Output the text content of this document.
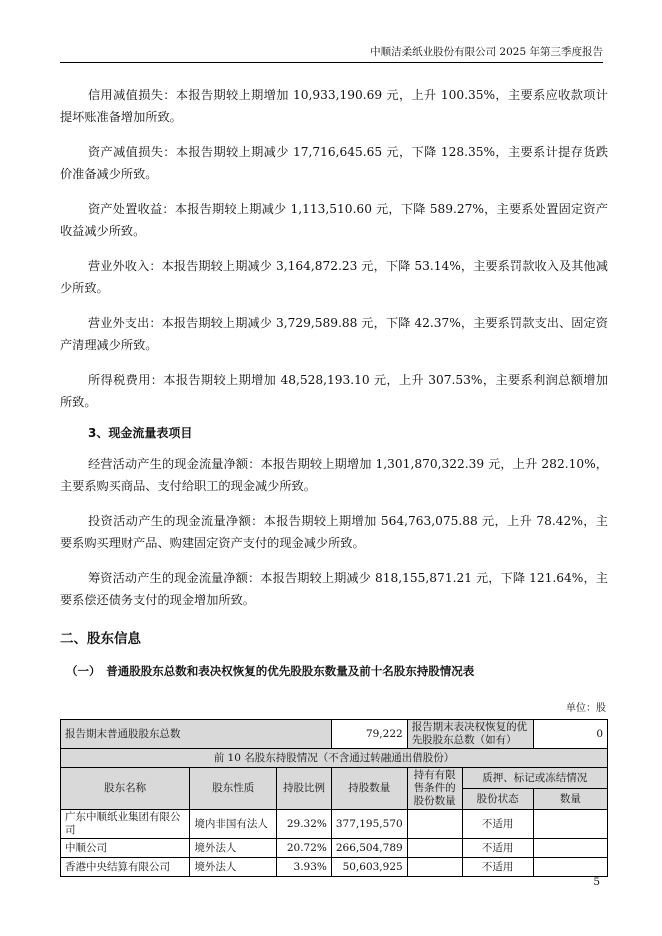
中顺洁柔纸业股份有限公司 2025 年第三季度报告

信用减值损失：本报告期较上期增加 10,933,190.69 元，上升 100.35%，主要系应收款项计提坏账准备增加所致。

资产减值损失：本报告期较上期减少 17,716,645.65 元，下降 128.35%，主要系计提存货跌价准备减少所致。

资产处置收益：本报告期较上期减少 1,113,510.60 元，下降 589.27%，主要系处置固定资产收益减少所致。

营业外收入：本报告期较上期减少 3,164,872.23 元，下降 53.14%，主要系罚款收入及其他减少所致。

营业外支出：本报告期较上期减少 3,729,589.88 元，下降 42.37%，主要系罚款支出、固定资产清理减少所致。

所得税费用：本报告期较上期增加 48,528,193.10 元，上升 307.53%，主要系利润总额增加所致。

3、现金流量表项目

经营活动产生的现金流量净额：本报告期较上期增加 1,301,870,322.39 元，上升 282.10%，主要系购买商品、支付给职工的现金减少所致。

投资活动产生的现金流量净额：本报告期较上期增加 564,763,075.88 元，上升 78.42%，主要系购买理财产品、购建固定资产支付的现金减少所致。

筹资活动产生的现金流量净额：本报告期较上期减少 818,155,871.21 元，下降 121.64%，主要系偿还债务支付的现金增加所致。

二、股东信息
（一）　普通股股东总数和表决权恢复的优先股股东数量及前十名股东持股情况表
单位：股
报告期末普通股股东总数			79,222	报告期末表决权恢复的优先股股东总数（如有）		0
前 10 名股东持股情况（不含通过转融通出借股份）						
股东名称	股东性质	持股比例	持股数量	持有有限售条件的股份数量	质押、标记或冻结情况	
					股份状态	数量
广东中顺纸业集团有限公司	境内非国有法人	29.32%	377,195,570		不适用	
中顺公司	境外法人	20.72%	266,504,789		不适用	
香港中央结算有限公司	境外法人	3.93%	50,603,925		不适用	
5
